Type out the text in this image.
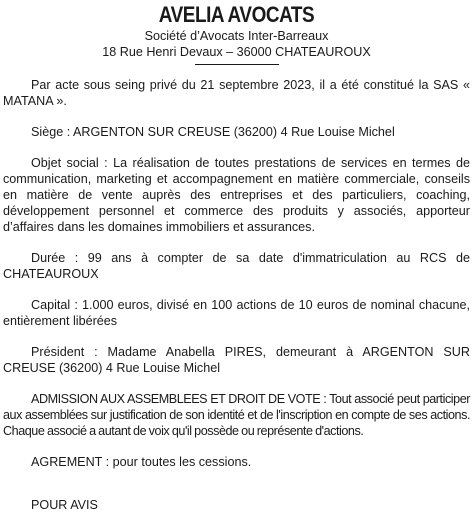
AVELIA AVOCATS

Société d’Avocats Inter-Barreaux

18 Rue Henri Devaux – 36000 CHATEAUROUX

Par acte sous seing privé du 21 septembre 2023, il a été constitué la SAS « MATANA ».

Siège : ARGENTON SUR CREUSE (36200) 4 Rue Louise Michel

Objet social : La réalisation de toutes prestations de services en termes de communication, marketing et accompagnement en matière commerciale, conseils en matière de vente auprès des entreprises et des particuliers, coaching, développement personnel et commerce des produits y associés, apporteur d’affaires dans les domaines immobiliers et assurances.

Durée : 99 ans à compter de sa date d'immatriculation au RCS de CHATEAUROUX

Capital : 1.000 euros, divisé en 100 actions de 10 euros de nominal chacune, entièrement libérées

Président : Madame Anabella PIRES, demeurant à ARGENTON SUR CREUSE (36200) 4 Rue Louise Michel

ADMISSION AUX ASSEMBLEES ET DROIT DE VOTE : Tout associé peut participer aux assemblées sur justification de son identité et de l'inscription en compte de ses actions. Chaque associé a autant de voix qu'il possède ou représente d'actions.

AGREMENT : pour toutes les cessions.

POUR AVIS
